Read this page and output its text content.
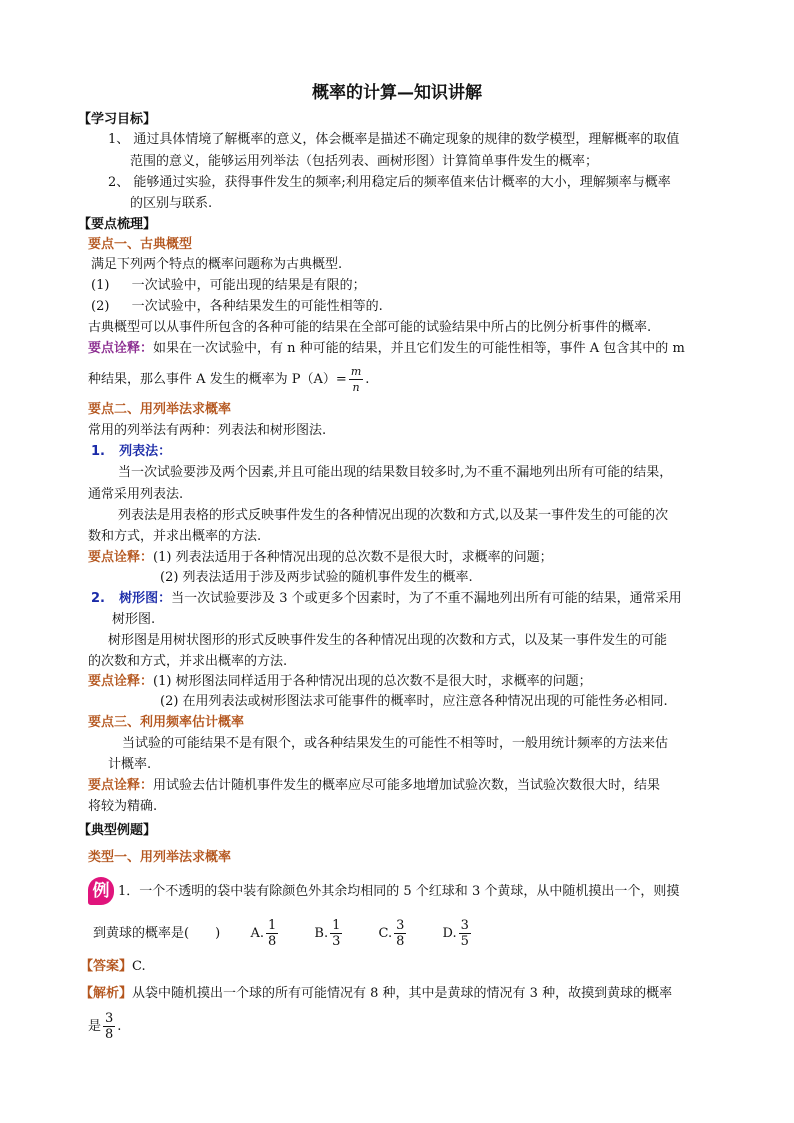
概率的计算—知识讲解
【学习目标】
1、 通过具体情境了解概率的意义，体会概率是描述不确定现象的规律的数学模型，理解概率的取值
范围的意义，能够运用列举法（包括列表、画树形图）计算简单事件发生的概率；
2、 能够通过实验，获得事件发生的频率;利用稳定后的频率值来估计概率的大小，理解频率与概率
的区别与联系.
【要点梳理】
要点一、古典概型
满足下列两个特点的概率问题称为古典概型.
(1) 一次试验中，可能出现的结果是有限的；
(2) 一次试验中，各种结果发生的可能性相等的.
古典概型可以从事件所包含的各种可能的结果在全部可能的试验结果中所占的比例分析事件的概率.
要点诠释：如果在一次试验中，有 n 种可能的结果，并且它们发生的可能性相等，事件 A 包含其中的 m
种结果，那么事件 A 发生的概率为 $P(A)= \frac{m}{n}$ .
要点二、用列举法求概率
常用的列举法有两种：列表法和树形图法.
1. 列表法：
当一次试验要涉及两个因素,并且可能出现的结果数目较多时,为不重不漏地列出所有可能的结果，
通常采用列表法.
列表法是用表格的形式反映事件发生的各种情况出现的次数和方式,以及某一事件发生的可能的次
数和方式，并求出概率的方法.
要点诠释：(1) 列表法适用于各种情况出现的总次数不是很大时，求概率的问题；
(2) 列表法适用于涉及两步试验的随机事件发生的概率.
2. 树形图：当一次试验要涉及 3 个或更多个因素时，为了不重不漏地列出所有可能的结果，通常采用
树形图.
树形图是用树状图形的形式反映事件发生的各种情况出现的次数和方式，以及某一事件发生的可能
的次数和方式，并求出概率的方法.
要点诠释：(1) 树形图法同样适用于各种情况出现的总次数不是很大时，求概率的问题；
(2) 在用列表法或树形图法求可能事件的概率时，应注意各种情况出现的可能性务必相同.
要点三、利用频率估计概率
当试验的可能结果不是有限个，或各种结果发生的可能性不相等时，一般用统计频率的方法来估
计概率.
要点诠释：用试验去估计随机事件发生的概率应尽可能多地增加试验次数，当试验次数很大时，结果
将较为精确.
【典型例题】
类型一、用列举法求概率
例 1．一个不透明的袋中装有除颜色外其余均相同的 5 个红球和 3 个黄球，从中随机摸出一个，则摸
到黄球的概率是(　　) A. $\frac{1}{8}$	B. $\frac{1}{3}$	C. $\frac{3}{8}$	D. $\frac{3}{5}$
【答案】C.
【解析】从袋中随机摸出一个球的所有可能情况有 8 种，其中是黄球的情况有 3 种，故摸到黄球的概率
是 $\frac{3}{8}$ .
